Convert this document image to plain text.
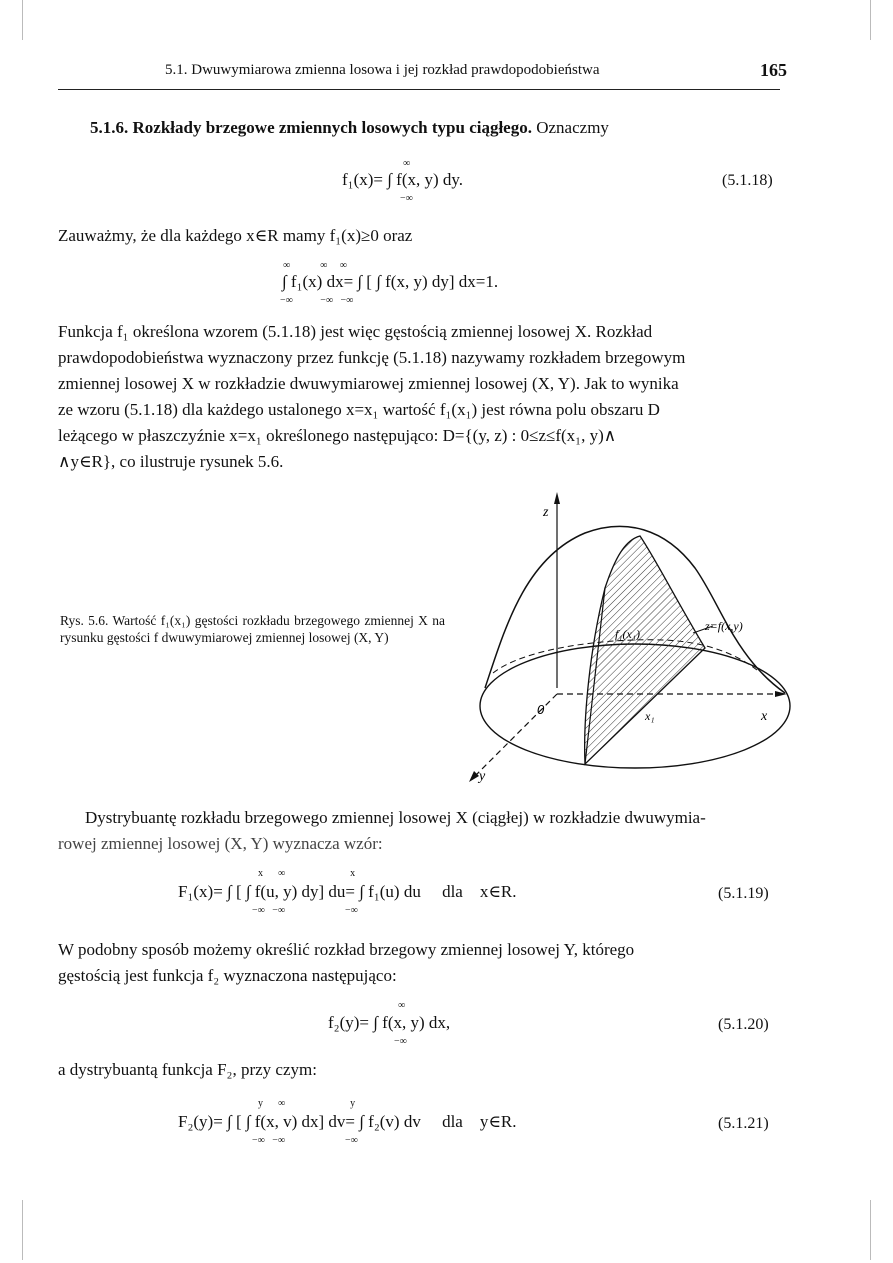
5.1. Dwuwymiarowa zmienna losowa i jej rozkład prawdopodobieństwa	165
5.1.6. Rozkłady brzegowe zmiennych losowych typu ciągłego. Oznaczmy
∞
f₁(x)= ∫ f(x, y) dy.
−∞
(5.1.18)
Zauważmy, że dla każdego x∈R mamy f₁(x)≥0 oraz
∞            ∞     ∞
∫ f₁(x) dx= ∫ [ ∫ f(x, y) dy] dx=1.
−∞           −∞   −∞
Funkcja f₁ określona wzorem (5.1.18) jest więc gęstością zmiennej losowej X. Rozkład
prawdopodobieństwa wyznaczony przez funkcję (5.1.18) nazywamy rozkładem brzegowym
zmiennej losowej X w rozkładzie dwuwymiarowej zmiennej losowej (X, Y). Jak to wynika
ze wzoru (5.1.18) dla każdego ustalonego x=x₁ wartość f₁(x₁) jest równa polu obszaru D
leżącego w płaszczyźnie x=x₁ określonego następująco: D={(y, z) : 0≤z≤f(x₁, y)∧
∧y∈R}, co ilustruje rysunek 5.6.
Rys. 5.6. Wartość f₁(x₁) gęstości rozkładu brzegowego zmiennej X na rysunku gęstości f dwuwymiarowej zmiennej losowej (X, Y)
z
x
y
0	x₁
f₁(x₁)
z=f(x,y)
Dystrybuantę rozkładu brzegowego zmiennej losowej X (ciągłej) w rozkładzie dwuwymia-
rowej zmiennej losowej (X, Y) wyznacza wzór:
x      ∞                          x
F₁(x)= ∫ [ ∫ f(u, y) dy] du= ∫ f₁(u) du     dla    x∈R.
−∞   −∞                        −∞
(5.1.19)
W podobny sposób możemy określić rozkład brzegowy zmiennej losowej Y, którego
gęstością jest funkcja f₂ wyznaczona następująco:
∞
f₂(y)= ∫ f(x, y) dx,
−∞
(5.1.20)
a dystrybuantą funkcja F₂, przy czym:
y      ∞                          y
F₂(y)= ∫ [ ∫ f(x, v) dx] dv= ∫ f₂(v) dv     dla    y∈R.
−∞   −∞                        −∞
(5.1.21)
